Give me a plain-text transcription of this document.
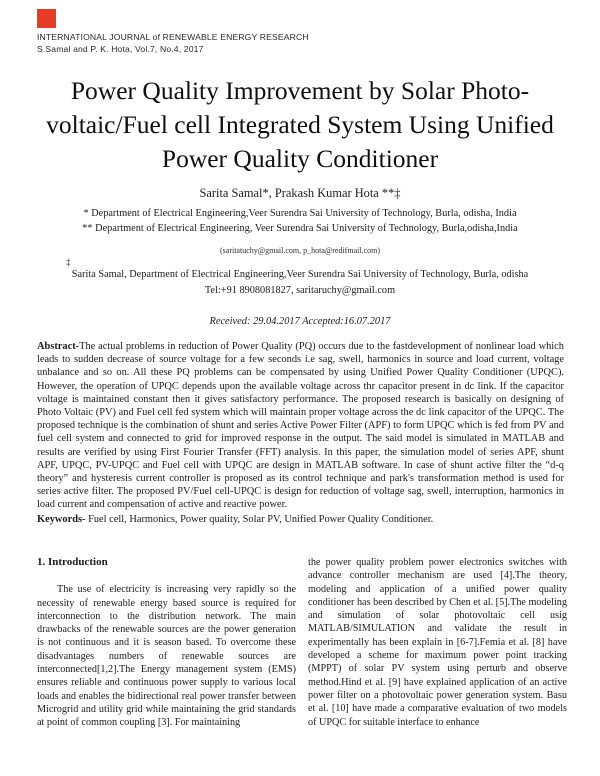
INTERNATIONAL JOURNAL of RENEWABLE ENERGY RESEARCH
S.Samal and P. K. Hota, Vol.7, No.4, 2017
Power Quality Improvement by Solar Photo-
voltaic/Fuel cell Integrated System Using Unified
Power Quality Conditioner
Sarita Samal*, Prakash Kumar Hota **‡
* Department of Electrical Engineering,Veer Surendra Sai University of Technology, Burla, odisha, India
** Department of Electrical Engineering, Veer Surendra Sai University of Technology, Burla,odisha,India
(saritatuchy@gmail.com, p_hota@redifmail.com)
‡
Sarita Samal, Department of Electrical Engineering,Veer Surendra Sai University of Technology, Burla, odisha
Tel:+91 8908081827, saritaruchy@gmail.com
Received: 29.04.2017 Accepted:16.07.2017
Abstract-The actual problems in reduction of Power Quality (PQ) occurs due to the fastdevelopment of nonlinear load which leads to sudden decrease of source voltage for a few seconds i.e sag, swell, harmonics in source and load current, voltage unbalance and so on. All these PQ problems can be compensated by using Unified Power Quality Conditioner (UPQC). However, the operation of UPQC depends upon the available voltage across thr capacitor present in dc link. If the capacitor voltage is maintained constant then it gives satisfactory performance. The proposed research is basically on designing of Photo Voltaic (PV) and Fuel cell fed system which will maintain proper voltage across the dc link capacitor of the UPQC. The proposed technique is the combination of shunt and series Active Power Filter (APF) to form UPQC which is fed from PV and fuel cell system and connected to grid for improved response in the output. The said model is simulated in MATLAB and results are verified by using First Fourier Transfer (FFT) analysis. In this paper, the simulation model of series APF, shunt APF, UPQC, PV-UPQC and Fuel cell with UPQC are design in MATLAB software. In case of shunt active filter the “d-q theory” and hysteresis current controller is proposed as its control technique and park's transformation method is used for series active filter. The proposed PV/Fuel cell-UPQC is design for reduction of voltage sag, swell, interruption, harmonics in load current and compensation of active and reactive power.
Keywords- Fuel cell, Harmonics, Power quality, Solar PV, Unified Power Quality Conditioner.
1. Introduction

The use of electricity is increasing very rapidly so the necessity of renewable energy based source is required for interconnection to the distribution network. The main drawbacks of the renewable sources are the power generation is not continuous and it is season based. To overcome these disadvantages numbers of renewable sources are interconnected[1,2].The Energy management system (EMS) ensures reliable and continuous power supply to various local loads and enables the bidirectional real power transfer between Microgrid and utility grid while maintaining the grid standards at point of common coupling [3]. For maintaining

the power quality problem power electronics switches with advance controller mechanism are used [4].The theory, modeling and application of a unified power quality conditioner has been described by Chen et al. [5].The modeling and simulation of solar photovoltaic cell usig MATLAB/SIMULATION and validate the result in experimentally has been explain in [6-7].Femia et al. [8] have developed a scheme for maximum power point tracking (MPPT) of solar PV system using perturb and observe method.Hind et al. [9] have explained application of an active power filter on a photovoltaic power generation system. Basu et al. [10] have made a comparative evaluation of two models of UPQC for suitable interface to enhance
